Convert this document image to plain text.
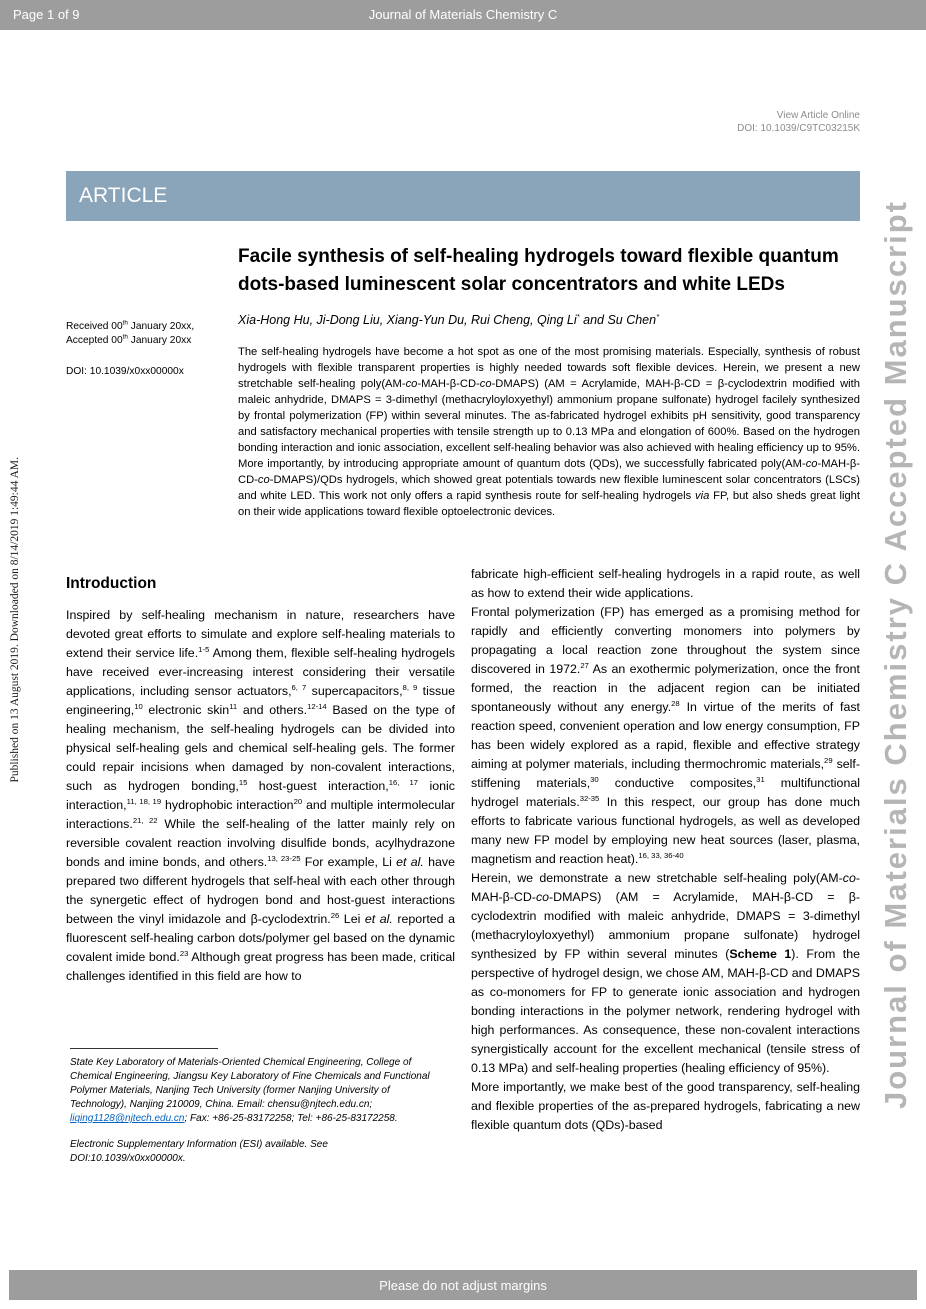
Page 1 of 9	Journal of Materials Chemistry C
Published on 13 August 2019. Downloaded on 8/14/2019 1:49:44 AM.	Journal of Materials Chemistry C Accepted Manuscript
View Article Online
DOI: 10.1039/C9TC03215K
ARTICLE

Received 00th January 20xx,

Accepted 00th January 20xx

DOI: 10.1039/x0xx00000x

Facile synthesis of self-healing hydrogels toward flexible quantum dots-based luminescent solar concentrators and white LEDs

Xia-Hong Hu, Ji-Dong Liu, Xiang-Yun Du, Rui Cheng, Qing Li* and Su Chen*

The self-healing hydrogels have become a hot spot as one of the most promising materials. Especially, synthesis of robust hydrogels with flexible transparent properties is highly needed towards soft flexible devices. Herein, we present a new stretchable self-healing poly(AM-co-MAH-β-CD-co-DMAPS) (AM = Acrylamide, MAH-β-CD = β-cyclodextrin modified with maleic anhydride, DMAPS = 3-dimethyl (methacryloyloxyethyl) ammonium propane sulfonate) hydrogel facilely synthesized by frontal polymerization (FP) within several minutes. The as-fabricated hydrogel exhibits pH sensitivity, good transparency and satisfactory mechanical properties with tensile strength up to 0.13 MPa and elongation of 600%. Based on the hydrogen bonding interaction and ionic association, excellent self-healing behavior was also achieved with healing efficiency up to 95%. More importantly, by introducing appropriate amount of quantum dots (QDs), we successfully fabricated poly(AM-co-MAH-β-CD-co-DMAPS)/QDs hydrogels, which showed great potentials towards new flexible luminescent solar concentrators (LSCs) and white LED. This work not only offers a rapid synthesis route for self-healing hydrogels via FP, but also sheds great light on their wide applications toward flexible optoelectronic devices.

Introduction

Inspired by self-healing mechanism in nature, researchers have devoted great efforts to simulate and explore self-healing materials to extend their service life.$^{1-5}$ Among them, flexible self-healing hydrogels have received ever-increasing interest considering their versatile applications, including sensor actuators,$^{6, 7}$ supercapacitors,$^{8, 9}$ tissue engineering,$^{10}$ electronic skin$^{11}$ and others.$^{12-14}$ Based on the type of healing mechanism, the self-healing hydrogels can be divided into physical self-healing gels and chemical self-healing gels. The former could repair incisions when damaged by non-covalent interactions, such as hydrogen bonding,$^{15}$ host-guest interaction,$^{16, 17}$ ionic interaction,$^{11, 18, 19}$ hydrophobic interaction$^{20}$ and multiple intermolecular interactions.$^{21, 22}$ While the self-healing of the latter mainly rely on reversible covalent reaction involving disulfide bonds, acylhydrazone bonds and imine bonds, and others.$^{13, 23-25}$ For example, Li et al. have prepared two different hydrogels that self-heal with each other through the synergetic effect of hydrogen bond and host-guest interactions between the vinyl imidazole and β-cyclodextrin.$^{26}$ Lei et al. reported a fluorescent self-healing carbon dots/polymer gel based on the dynamic covalent imide bond.$^{23}$ Although great progress has been made, critical challenges identified in this field are how to

fabricate high-efficient self-healing hydrogels in a rapid route, as well as how to extend their wide applications.

Frontal polymerization (FP) has emerged as a promising method for rapidly and efficiently converting monomers into polymers by propagating a local reaction zone throughout the system since discovered in 1972.27 As an exothermic polymerization, once the front formed, the reaction in the adjacent region can be initiated spontaneously without any energy.$^{28}$ In virtue of the merits of fast reaction speed, convenient operation and low energy consumption, FP has been widely explored as a rapid, flexible and effective strategy aiming at polymer materials, including thermochromic materials,$^{29}$ self-stiffening materials,$^{30}$ conductive composites,$^{31}$ multifunctional hydrogel materials.$^{32-35}$ In this respect, our group has done much efforts to fabricate various functional hydrogels, as well as developed many new FP model by employing new heat sources (laser, plasma, magnetism and reaction heat).$^{16, 33, 36-40}$

Herein, we demonstrate a new stretchable self-healing poly(AM-co-MAH-β-CD-co-DMAPS) (AM = Acrylamide, MAH-β-CD = β-cyclodextrin modified with maleic anhydride, DMAPS = 3-dimethyl (methacryloyloxyethyl) ammonium propane sulfonate) hydrogel synthesized by FP within several minutes (Scheme 1). From the perspective of hydrogel design, we chose AM, MAH-β-CD and DMAPS as co-monomers for FP to generate ionic association and hydrogen bonding interactions in the polymer network, rendering hydrogel with high performances. As consequence, these non-covalent interactions synergistically account for the excellent mechanical (tensile stress of 0.13 MPa) and self-healing properties (healing efficiency of 95%).

More importantly, we make best of the good transparency, self-healing and flexible properties of the as-prepared hydrogels, fabricating a new flexible quantum dots (QDs)-based

State Key Laboratory of Materials-Oriented Chemical Engineering, College of Chemical Engineering, Jiangsu Key Laboratory of Fine Chemicals and Functional Polymer Materials, Nanjing Tech University (former Nanjing University of Technology), Nanjing 210009, China. Email: chensu@njtech.edu.cn; liqing1128@njtech.edu.cn; Fax: +86-25-83172258; Tel: +86-25-83172258.

Electronic Supplementary Information (ESI) available. See DOI:10.1039/x0xx00000x.

Please do not adjust margins
